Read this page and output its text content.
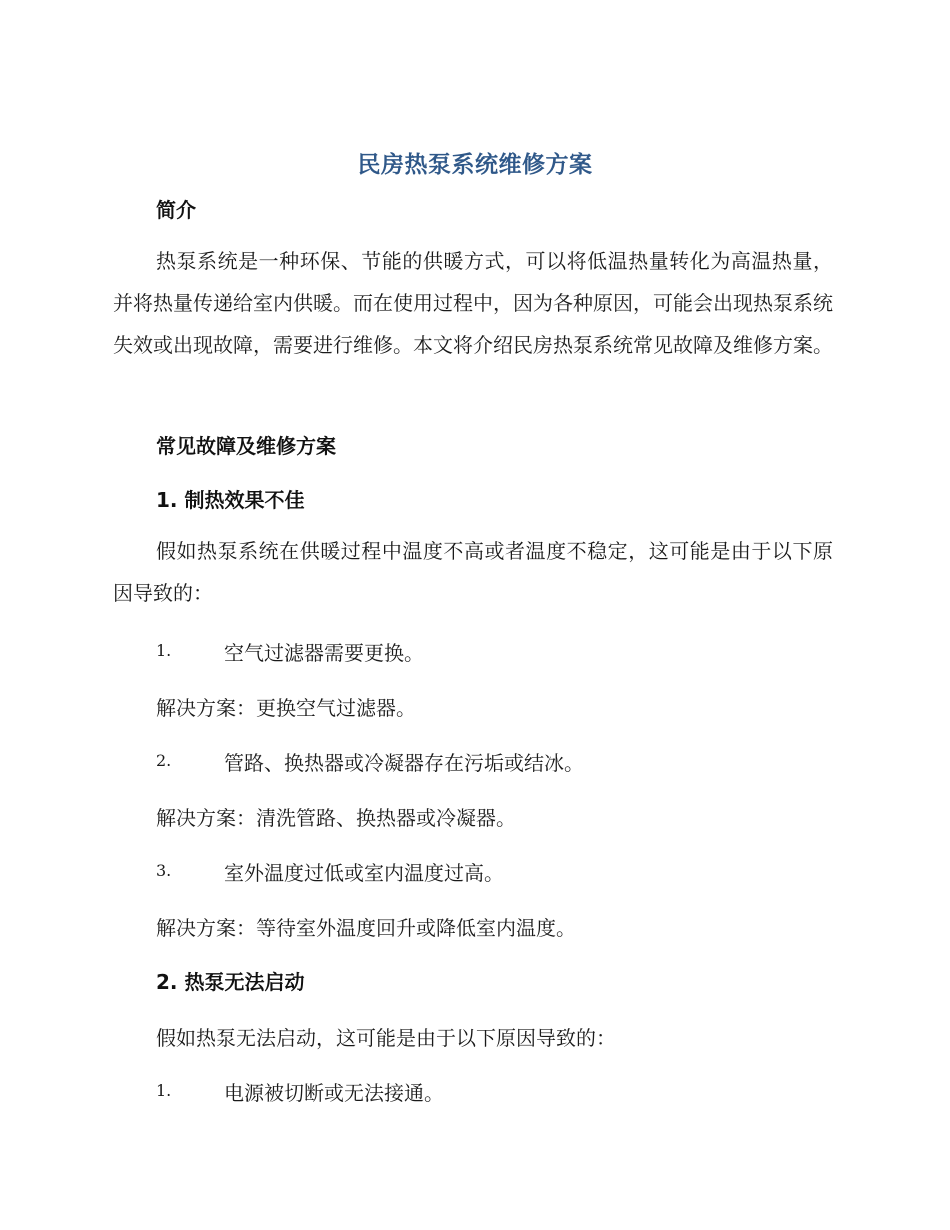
民房热泵系统维修方案
简介
热泵系统是一种环保、节能的供暖方式，可以将低温热量转化为高温热量，并将热量传递给室内供暖。而在使用过程中，因为各种原因，可能会出现热泵系统失效或出现故障，需要进行维修。本文将介绍民房热泵系统常见故障及维修方案。
常见故障及维修方案
1. 制热效果不佳
假如热泵系统在供暖过程中温度不高或者温度不稳定，这可能是由于以下原因导致的：
1.	空气过滤器需要更换。
解决方案：更换空气过滤器。
2.	管路、换热器或冷凝器存在污垢或结冰。
解决方案：清洗管路、换热器或冷凝器。
3.	室外温度过低或室内温度过高。
解决方案：等待室外温度回升或降低室内温度。
2. 热泵无法启动
假如热泵无法启动，这可能是由于以下原因导致的：
1.	电源被切断或无法接通。
